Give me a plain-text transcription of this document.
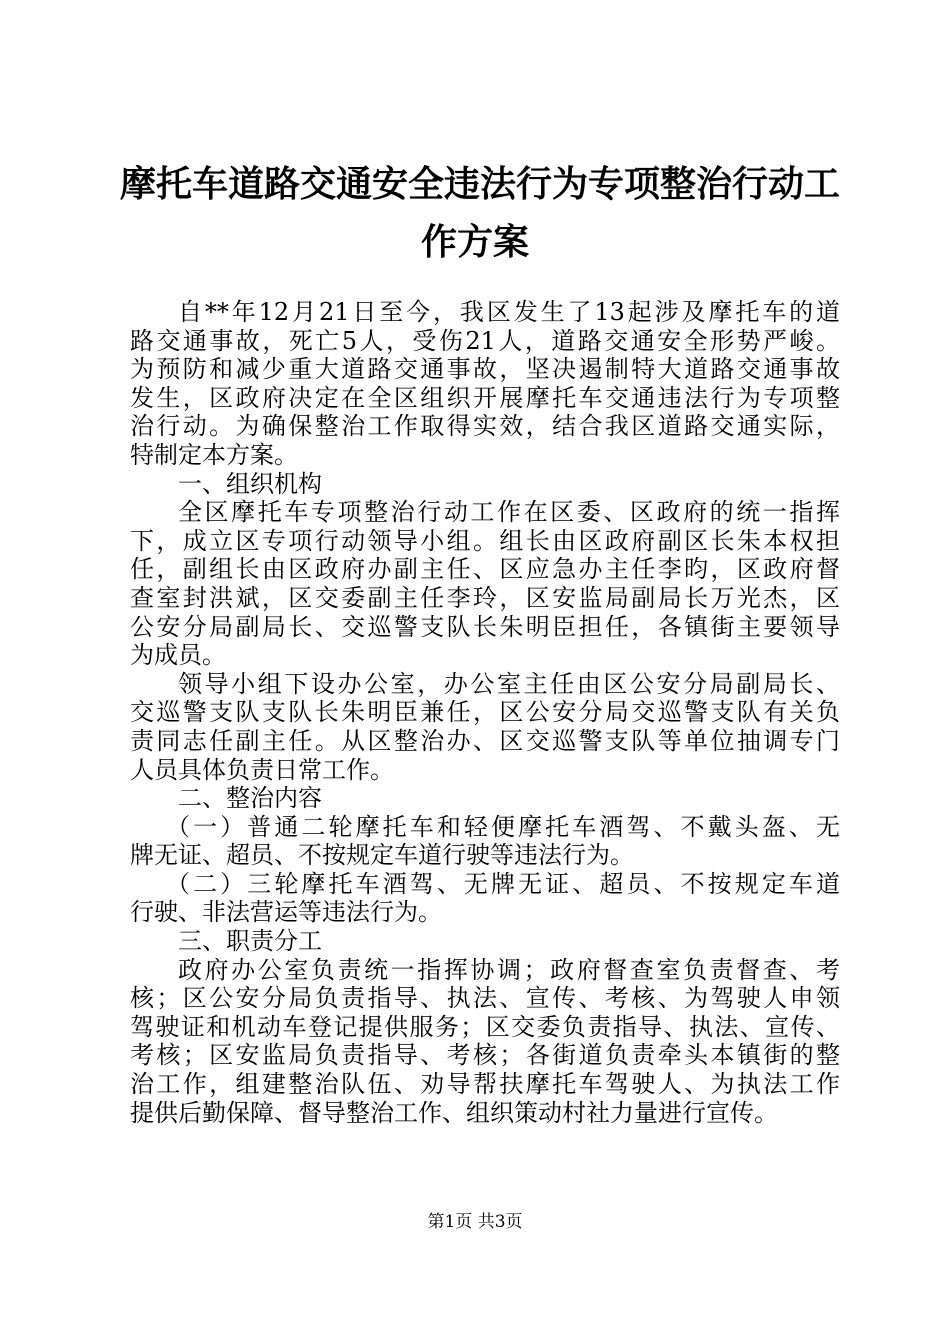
摩托车道路交通安全违法行为专项整治行动工
作方案
自**年12月21日至今，我区发生了13起涉及摩托车的道
路交通事故，死亡5人，受伤21人，道路交通安全形势严峻。
为预防和减少重大道路交通事故，坚决遏制特大道路交通事故
发生，区政府决定在全区组织开展摩托车交通违法行为专项整
治行动。为确保整治工作取得实效，结合我区道路交通实际，
特制定本方案。
一、组织机构
全区摩托车专项整治行动工作在区委、区政府的统一指挥
下，成立区专项行动领导小组。组长由区政府副区长朱本权担
任，副组长由区政府办副主任、区应急办主任李昀，区政府督
查室封洪斌，区交委副主任李玲，区安监局副局长万光杰，区
公安分局副局长、交巡警支队长朱明臣担任，各镇街主要领导
为成员。
领导小组下设办公室，办公室主任由区公安分局副局长、
交巡警支队支队长朱明臣兼任，区公安分局交巡警支队有关负
责同志任副主任。从区整治办、区交巡警支队等单位抽调专门
人员具体负责日常工作。
二、整治内容
（一）普通二轮摩托车和轻便摩托车酒驾、不戴头盔、无
牌无证、超员、不按规定车道行驶等违法行为。
（二）三轮摩托车酒驾、无牌无证、超员、不按规定车道
行驶、非法营运等违法行为。
三、职责分工
政府办公室负责统一指挥协调；政府督查室负责督查、考
核；区公安分局负责指导、执法、宣传、考核、为驾驶人申领
驾驶证和机动车登记提供服务；区交委负责指导、执法、宣传、
考核；区安监局负责指导、考核；各街道负责牵头本镇街的整
治工作，组建整治队伍、劝导帮扶摩托车驾驶人、为执法工作
提供后勤保障、督导整治工作、组织策动村社力量进行宣传。
第1页 共3页
